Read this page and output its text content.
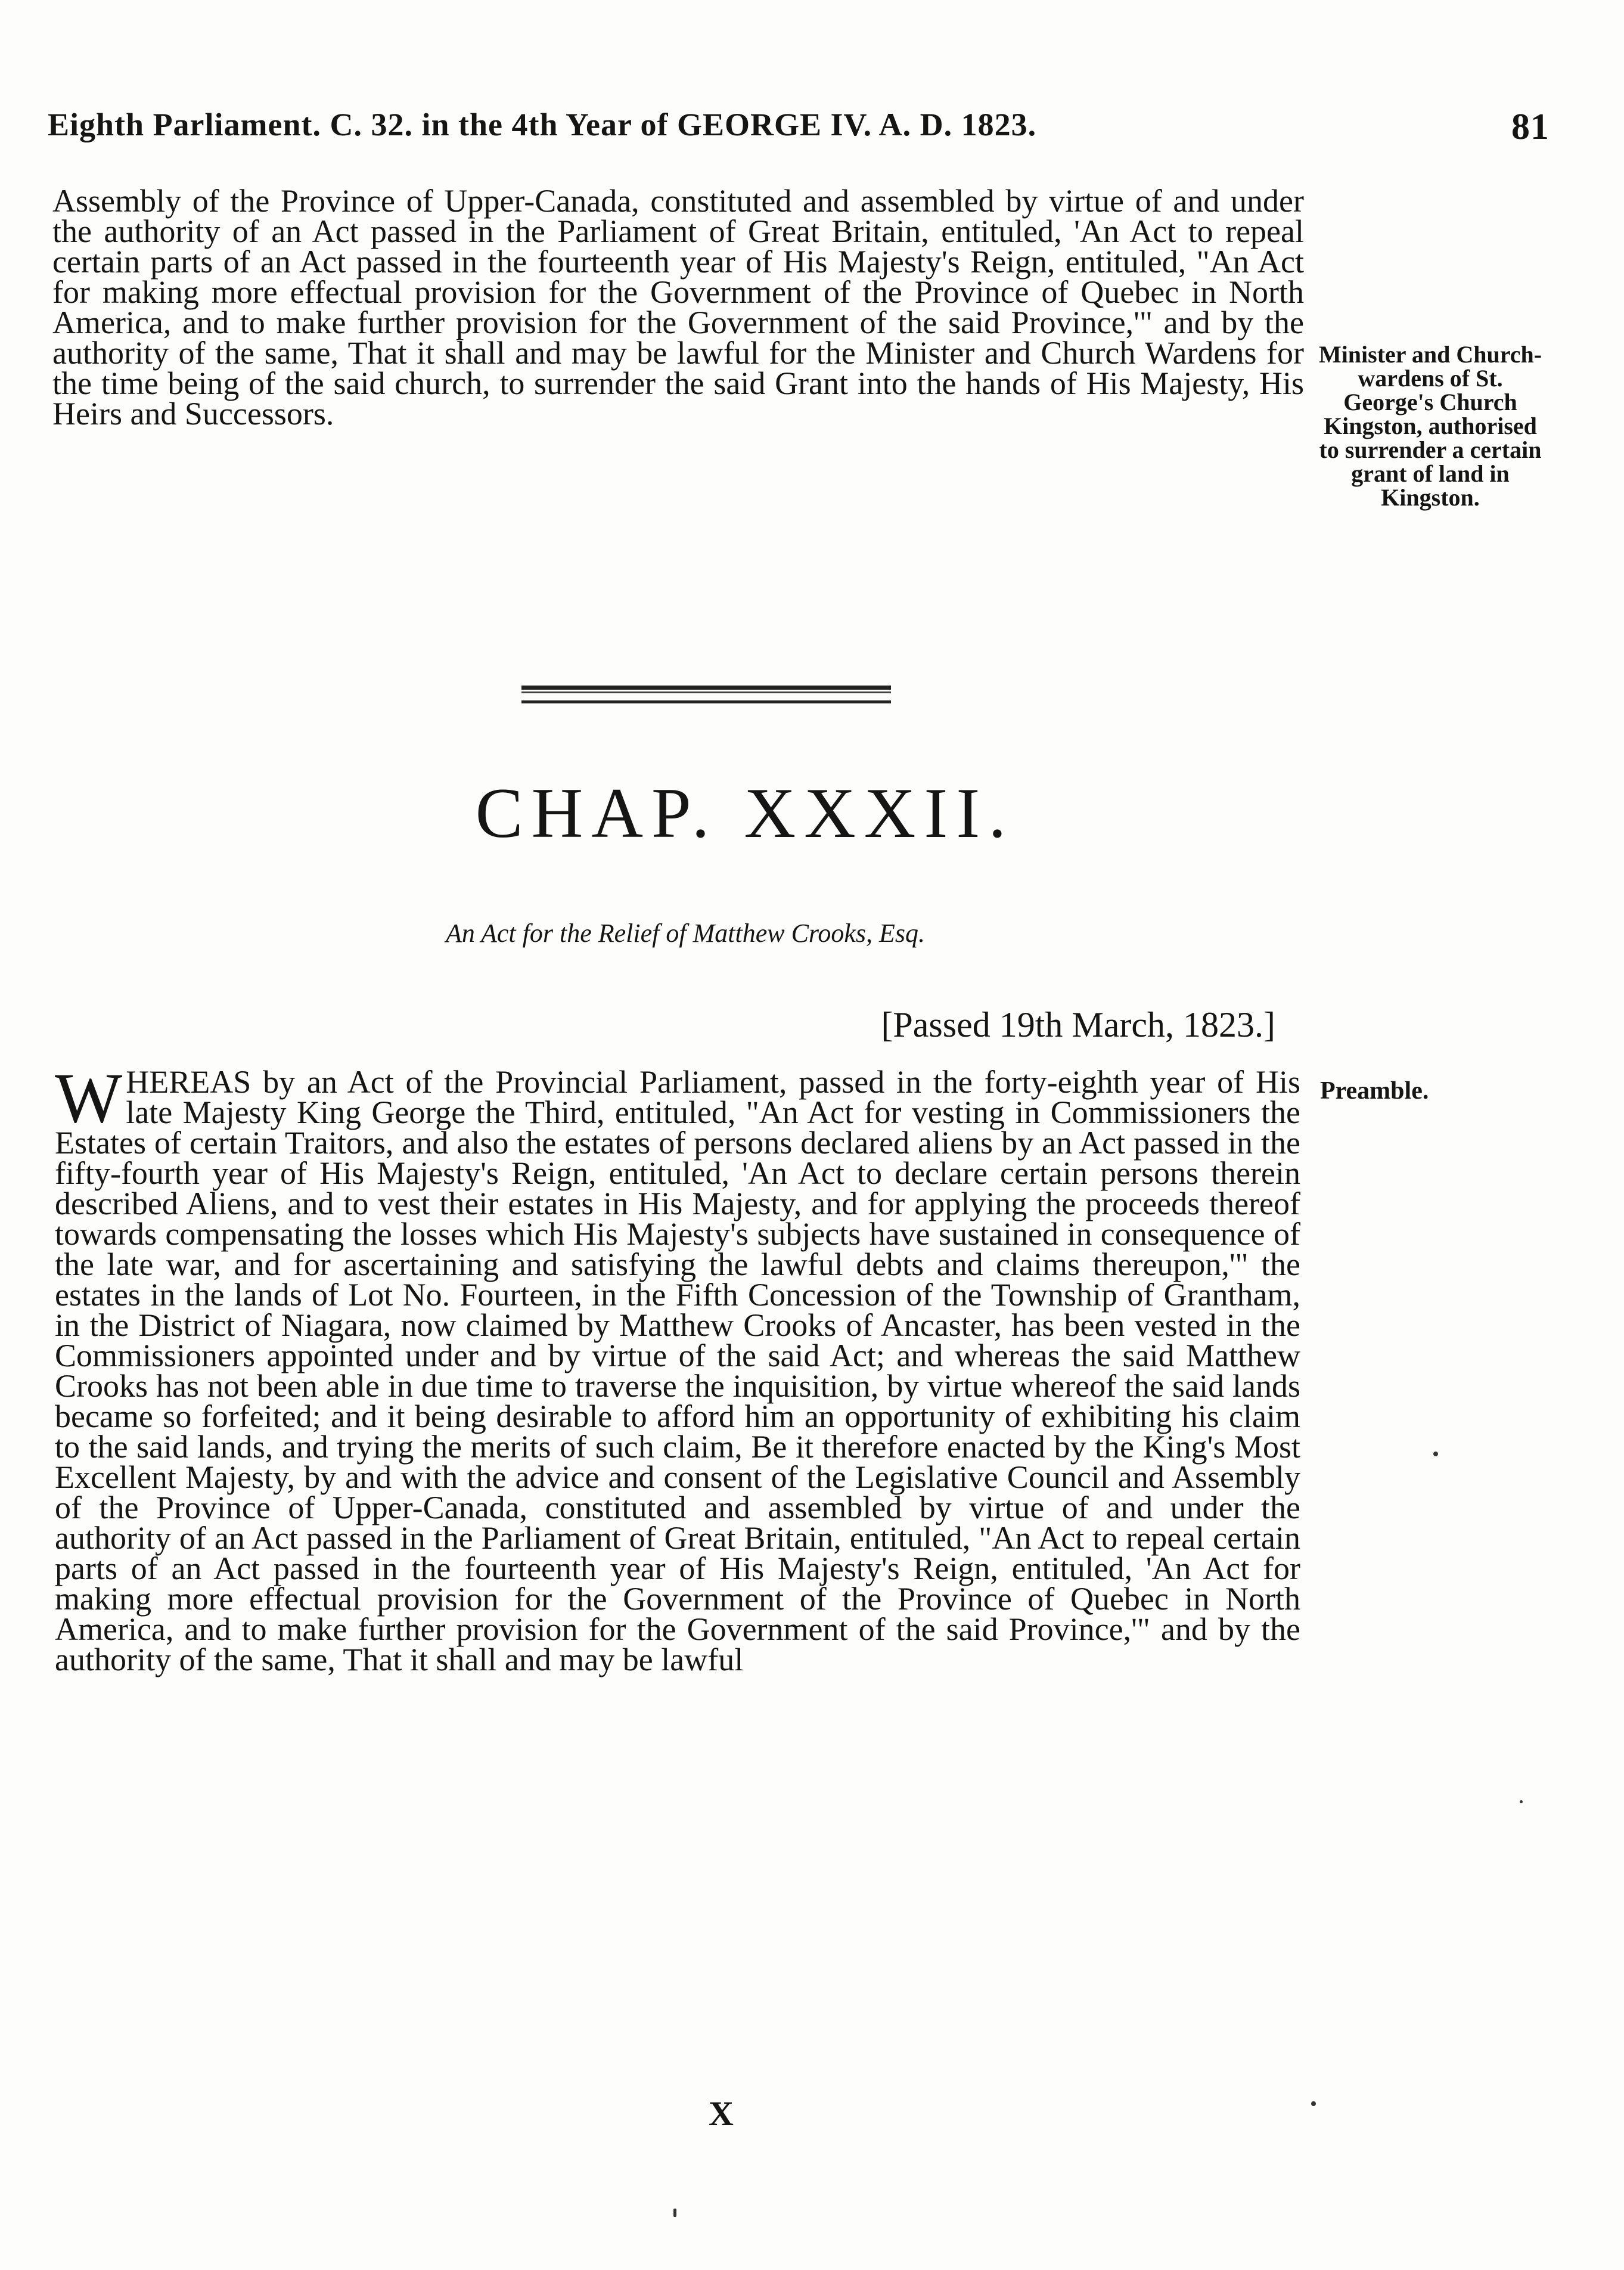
Eighth Parliament. C. 32. in the 4th Year of GEORGE IV. A. D. 1823.	81

Assembly of the Province of Upper-Canada, constituted and assembled by virtue of and under the authority of an Act passed in the Parliament of Great Britain, entituled, 'An Act to repeal certain parts of an Act passed in the fourteenth year of His Majesty's Reign, entituled, "An Act for making more effectual provision for the Government of the Province of Quebec in North America, and to make further provision for the Government of the said Province,'" and by the authority of the same, That it shall and may be lawful for the Minister and Church Wardens for the time being of the said church, to surrender the said Grant into the hands of His Majesty, His Heirs and Successors.

Minister and Church-wardens of St. George's Church Kingston, authorised to surrender a certain grant of land in Kingston.
CHAP. XXXII.
An Act for the Relief of Matthew Crooks, Esq.
[Passed 19th March, 1823.]
W HEREAS by an Act of the Provincial Parliament, passed in the forty-eighth year of His late Majesty King George the Third, entituled, "An Act for vesting in Commissioners the Estates of certain Traitors, and also the estates of persons declared aliens by an Act passed in the fifty-fourth year of His Majesty's Reign, entituled, 'An Act to declare certain persons therein described Aliens, and to vest their estates in His Majesty, and for applying the proceeds thereof towards compensating the losses which His Majesty's subjects have sustained in consequence of the late war, and for ascertaining and satisfying the lawful debts and claims thereupon,'" the estates in the lands of Lot No. Fourteen, in the Fifth Concession of the Township of Grantham, in the District of Niagara, now claimed by Matthew Crooks of Ancaster, has been vested in the Commissioners appointed under and by virtue of the said Act; and whereas the said Matthew Crooks has not been able in due time to traverse the inquisition, by virtue whereof the said lands became so forfeited; and it being desirable to afford him an opportunity of exhibiting his claim to the said lands, and trying the merits of such claim, Be it therefore enacted by the King's Most Excellent Majesty, by and with the advice and consent of the Legislative Council and Assembly of the Province of Upper-Canada, constituted and assembled by virtue of and under the authority of an Act passed in the Parliament of Great Britain, entituled, "An Act to repeal certain parts of an Act passed in the fourteenth year of His Majesty's Reign, entituled, 'An Act for making more effectual provision for the Government of the Province of Quebec in North America, and to make further provision for the Government of the said Province,'" and by the authority of the same, That it shall and may be lawful
Preamble.
X
